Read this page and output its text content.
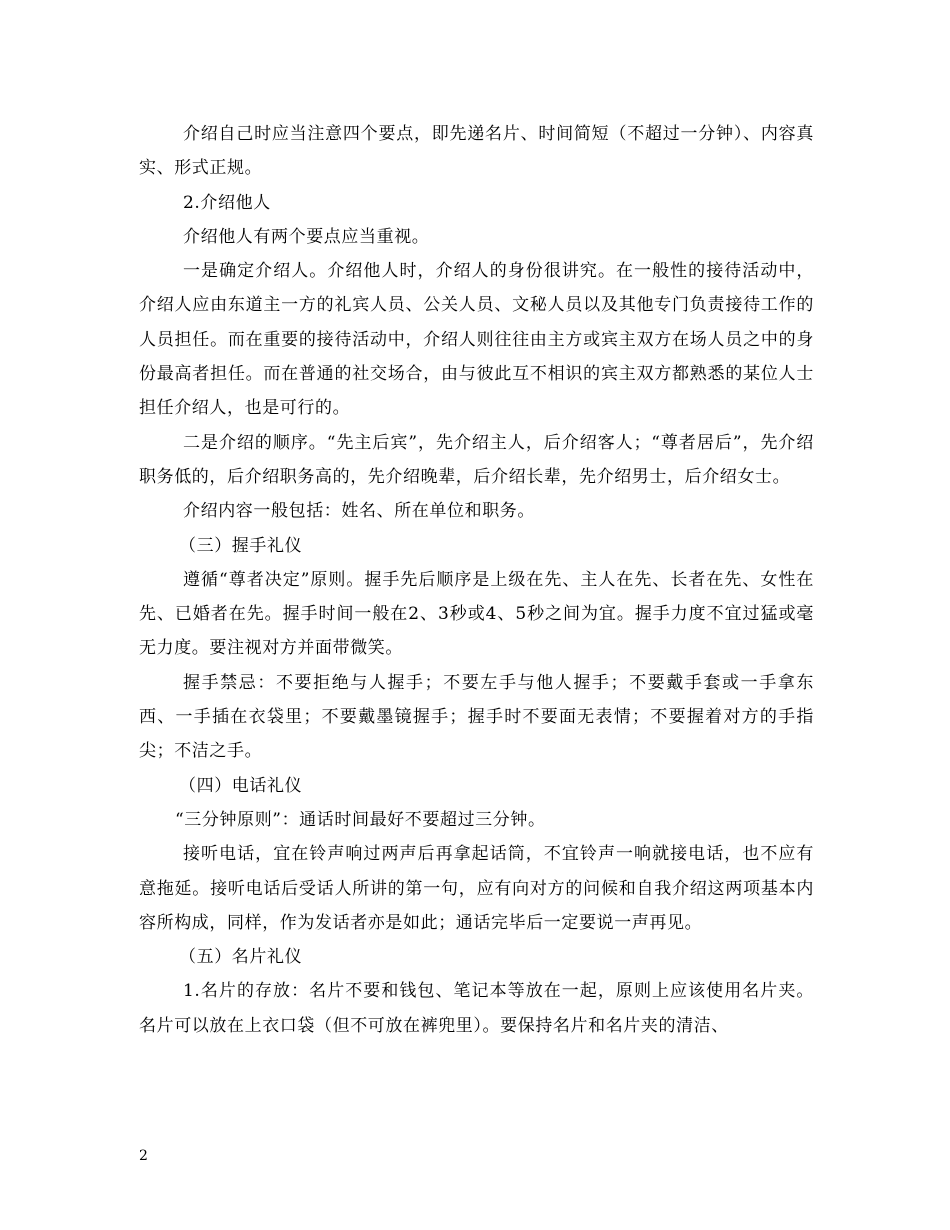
介绍自己时应当注意四个要点，即先递名片、时间简短（不超过一分钟）、内容真实、形式正规。

2.介绍他人

介绍他人有两个要点应当重视。

一是确定介绍人。介绍他人时，介绍人的身份很讲究。在一般性的接待活动中，介绍人应由东道主一方的礼宾人员、公关人员、文秘人员以及其他专门负责接待工作的人员担任。而在重要的接待活动中，介绍人则往往由主方或宾主双方在场人员之中的身份最高者担任。而在普通的社交场合，由与彼此互不相识的宾主双方都熟悉的某位人士担任介绍人，也是可行的。

二是介绍的顺序。“先主后宾”，先介绍主人，后介绍客人；“尊者居后”，先介绍职务低的，后介绍职务高的，先介绍晚辈，后介绍长辈，先介绍男士，后介绍女士。

介绍内容一般包括：姓名、所在单位和职务。

（三）握手礼仪

遵循“尊者决定”原则。握手先后顺序是上级在先、主人在先、长者在先、女性在先、已婚者在先。握手时间一般在2、3秒或4、5秒之间为宜。握手力度不宜过猛或毫无力度。要注视对方并面带微笑。

握手禁忌：不要拒绝与人握手；不要左手与他人握手；不要戴手套或一手拿东西、一手插在衣袋里；不要戴墨镜握手；握手时不要面无表情；不要握着对方的手指尖；不洁之手。

（四）电话礼仪

“三分钟原则”：通话时间最好不要超过三分钟。

接听电话，宜在铃声响过两声后再拿起话筒，不宜铃声一响就接电话，也不应有意拖延。接听电话后受话人所讲的第一句，应有向对方的问候和自我介绍这两项基本内容所构成，同样，作为发话者亦是如此；通话完毕后一定要说一声再见。

（五）名片礼仪

1.名片的存放：名片不要和钱包、笔记本等放在一起，原则上应该使用名片夹。名片可以放在上衣口袋（但不可放在裤兜里）。要保持名片和名片夹的清洁、

2
